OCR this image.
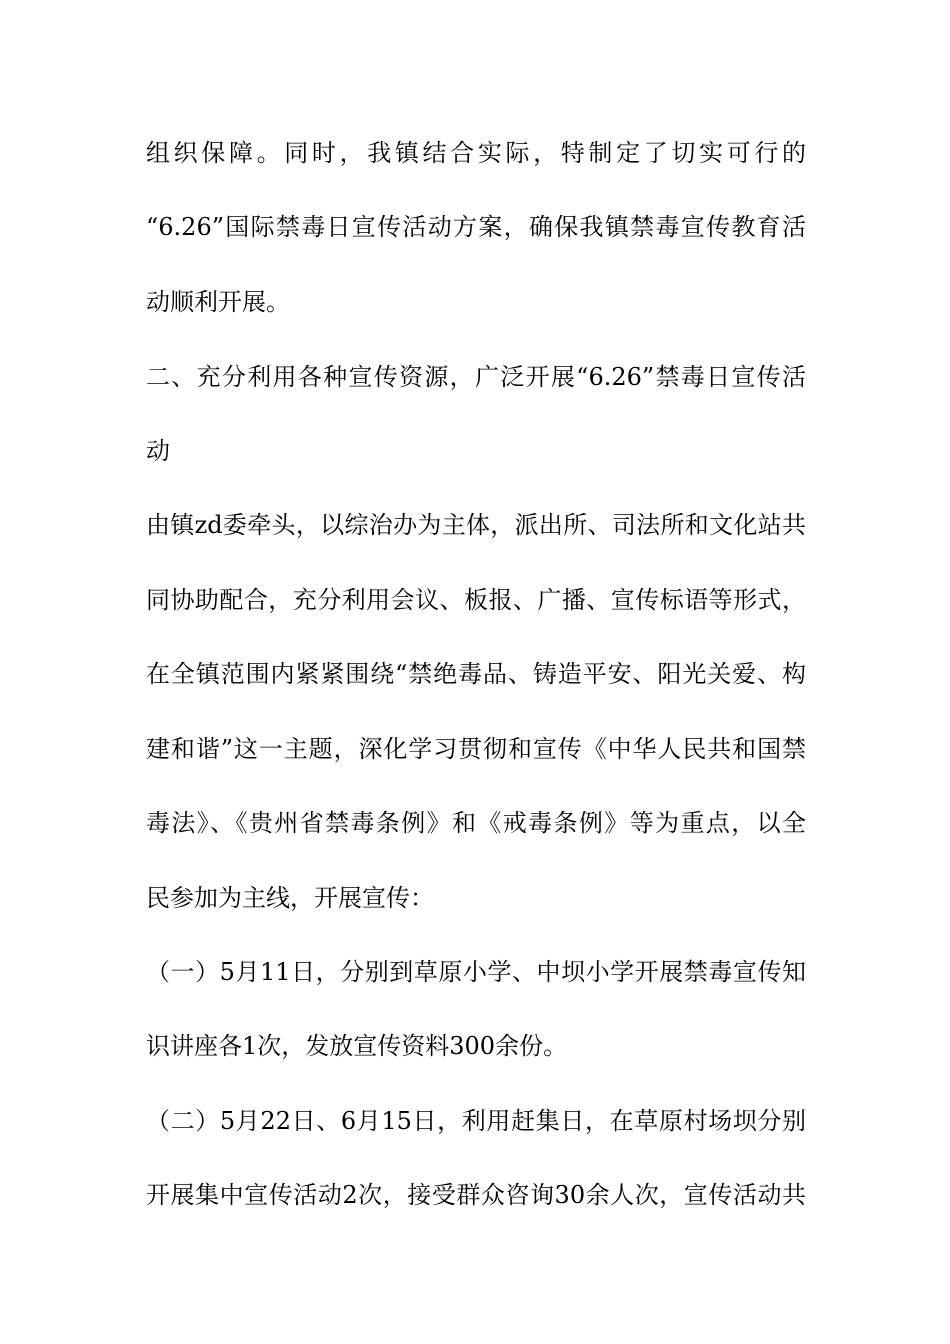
组织保障。同时，我镇结合实际，特制定了切实可行的
“6.26”国际禁毒日宣传活动方案，确保我镇禁毒宣传教育活
动顺利开展。
二、充分利用各种宣传资源，广泛开展“6.26”禁毒日宣传活
动
由镇zd委牵头，以综治办为主体，派出所、司法所和文化站共
同协助配合，充分利用会议、板报、广播、宣传标语等形式，
在全镇范围内紧紧围绕“禁绝毒品、铸造平安、阳光关爱、构
建和谐”这一主题，深化学习贯彻和宣传《中华人民共和国禁
毒法》、《贵州省禁毒条例》和《戒毒条例》等为重点，以全
民参加为主线，开展宣传：
（一）5月11日，分别到草原小学、中坝小学开展禁毒宣传知
识讲座各1次，发放宣传资料300余份。
（二）5月22日、6月15日，利用赶集日，在草原村场坝分别
开展集中宣传活动2次，接受群众咨询30余人次，宣传活动共
